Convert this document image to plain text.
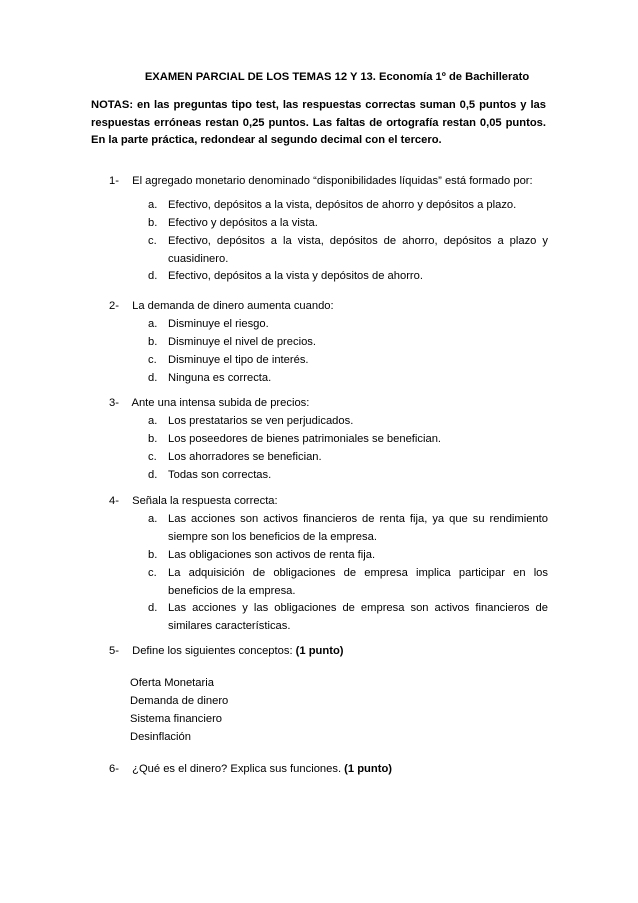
EXAMEN PARCIAL DE LOS TEMAS 12 Y 13. Economía 1º de Bachillerato
NOTAS: en las preguntas tipo test, las respuestas correctas suman 0,5 puntos y las respuestas erróneas restan 0,25 puntos. Las faltas de ortografía restan 0,05 puntos. En la parte práctica, redondear al segundo decimal con el tercero.
1- El agregado monetario denominado “disponibilidades líquidas” está formado por:
a. Efectivo, depósitos a la vista, depósitos de ahorro y depósitos a plazo.
b. Efectivo y depósitos a la vista.
c. Efectivo, depósitos a la vista, depósitos de ahorro, depósitos a plazo y cuasidinero.
d. Efectivo, depósitos a la vista y depósitos de ahorro.
2- La demanda de dinero aumenta cuando:
a. Disminuye el riesgo.
b. Disminuye el nivel de precios.
c. Disminuye el tipo de interés.
d. Ninguna es correcta.
3- Ante una intensa subida de precios:
a. Los prestatarios se ven perjudicados.
b. Los poseedores de bienes patrimoniales se benefician.
c. Los ahorradores se benefician.
d. Todas son correctas.
4- Señala la respuesta correcta:
a. Las acciones son activos financieros de renta fija, ya que su rendimiento siempre son los beneficios de la empresa.
b. Las obligaciones son activos de renta fija.
c. La adquisición de obligaciones de empresa implica participar en los beneficios de la empresa.
d. Las acciones y las obligaciones de empresa son activos financieros de similares características.
5- Define los siguientes conceptos: (1 punto)
Oferta Monetaria
Demanda de dinero
Sistema financiero
Desinflación
6- ¿Qué es el dinero? Explica sus funciones. (1 punto)
